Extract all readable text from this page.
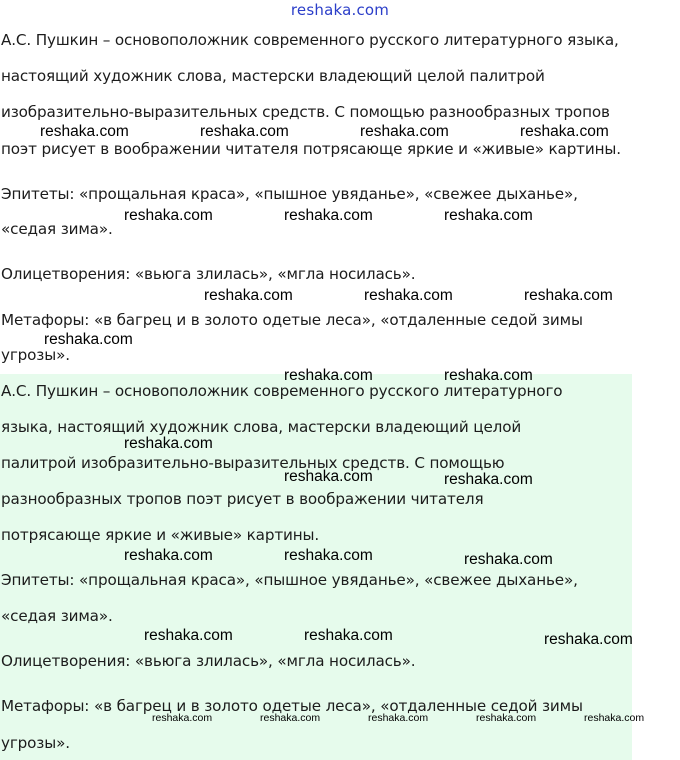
reshaka.com
А.С. Пушкин – основоположник современного русского литературного языка,
настоящий художник слова, мастерски владеющий целой палитрой
изобразительно-выразительных средств. С помощью разнообразных тропов
поэт рисует в воображении читателя потрясающе яркие и «живые» картины.
Эпитеты: «прощальная краса», «пышное увяданье», «свежее дыханье»,
«седая зима».
Олицетворения: «вьюга злилась», «мгла носилась».
Метафоры: «в багрец и в золото одетые леса», «отдаленные седой зимы
угрозы».
А.С. Пушкин – основоположник современного русского литературного
языка, настоящий художник слова, мастерски владеющий целой
палитрой изобразительно-выразительных средств. С помощью
разнообразных тропов поэт рисует в воображении читателя
потрясающе яркие и «живые» картины.
Эпитеты: «прощальная краса», «пышное увяданье», «свежее дыханье»,
«седая зима».
Олицетворения: «вьюга злилась», «мгла носилась».
Метафоры: «в багрец и в золото одетые леса», «отдаленные седой зимы
угрозы».
reshaka.com	reshaka.com	reshaka.com	reshaka.com
reshaka.com	reshaka.com	reshaka.com
reshaka.com	reshaka.com	reshaka.com
reshaka.com
reshaka.com	reshaka.com
reshaka.com
reshaka.com	reshaka.com
reshaka.com	reshaka.com	reshaka.com
reshaka.com	reshaka.com	reshaka.com
reshaka.com	reshaka.com	reshaka.com	reshaka.com	reshaka.com
